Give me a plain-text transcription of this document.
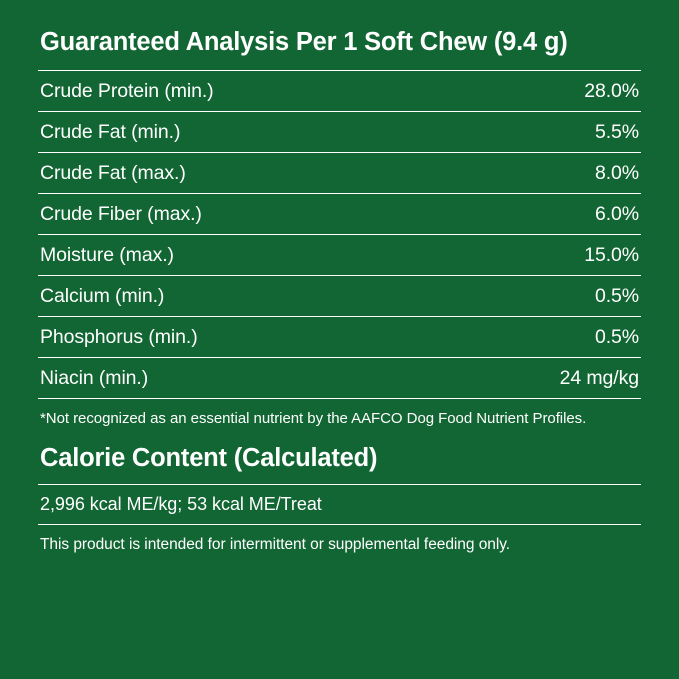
Guaranteed Analysis Per 1 Soft Chew (9.4 g)
Crude Protein (min.)	28.0%
Crude Fat (min.)	5.5%
Crude Fat (max.)	8.0%
Crude Fiber (max.)	6.0%
Moisture (max.)	15.0%
Calcium (min.)	0.5%
Phosphorus (min.)	0.5%
Niacin (min.)	24 mg/kg
*Not recognized as an essential nutrient by the AAFCO Dog Food Nutrient Profiles.
Calorie Content (Calculated)
2,996 kcal ME/kg; 53 kcal ME/Treat
This product is intended for intermittent or supplemental feeding only.
